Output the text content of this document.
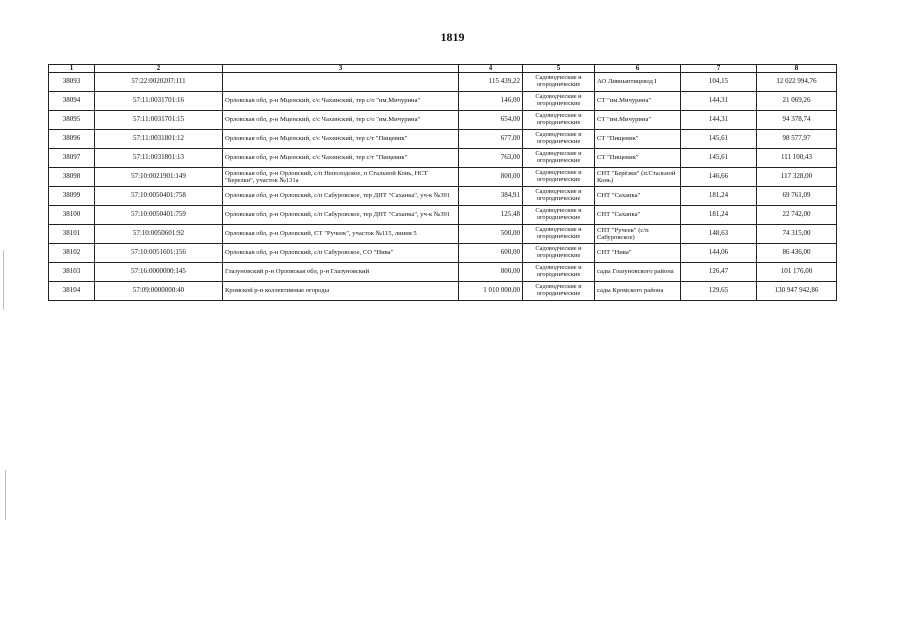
1819
1	2	3	4	5	6	7	8
38093	57:22:0020207:111		115 439,22	Садоводческие и огороднические	АО Ливнынтицевод I	104,15	12 022 994,76
38094	57:11:0031701:16	Орловская обл, р-н Мценский, с/с Чахинский, тер с/о "им.Мичурина"	146,00	Садоводческие и огороднические	СТ "им.Мичурина"	144,31	21 069,26
38095	57:11:0031701:15	Орловская обл, р-н Мценский, с/с Чахинский, тер с/о "им.Мичурина"	654,00	Садоводческие и огороднические	СТ "им.Мичурина"	144,31	94 378,74
38096	57:11:0031801:12	Орловская обл, р-н Мценский, с/с Чахинский, тер с/т "Пищевик"	677,00	Садоводческие и огороднические	СТ "Пищевик"	145,61	98 577,97
38097	57:11:0031801:13	Орловская обл, р-н Мценский, с/с Чахинский, тер с/т "Пищевик"	763,00	Садоводческие и огороднические	СТ "Пищевик"	145,61	111 100,43
38098	57:10:0021901:149	Орловская обл, р-н Орловский, с/п Неполодское, п Стальной Конь, НСТ "Березки", участок №131а	800,00	Садоводческие и огороднические	СНТ "Берёзки" (п.Стальной Конь)	146,66	117 328,00
38099	57:10:0050401:758	Орловская обл, р-н Орловский, с/п Сабуровское, тер ДНТ "Саханка", уч-к №391	384,91	Садоводческие и огороднические	СНТ "Саханка"	181,24	69 761,09
38100	57:10:0050401:759	Орловская обл, р-н Орловский, с/п Сабуровское, тер ДНТ "Саханка", уч-к №391	125,48	Садоводческие и огороднические	СНТ "Саханка"	181,24	22 742,00
38101	57:10:0050601:92	Орловская обл, р-н Орловский, СТ "Ручеек", участок №115, линия 5	500,00	Садоводческие и огороднические	СНТ "Ручеек" (с/п Сабуровское)	148,63	74 315,00
38102	57:10:0051601:156	Орловская обл, р-н Орловский, с/п Сабуровское, СО "Нива"	600,00	Садоводческие и огороднические	СНТ "Нива"	144,06	86 436,00
38103	57:16:0000000:145	Глазуновский р-н Орловская обл, р-н Глазуновский	800,00	Садоводческие и огороднические	сады Глазуновского района	126,47	101 176,00
38104	57:09:0000000:40	Кромской р-н коллективные огороды	1 010 000,00	Садоводческие и огороднические	сады Кромского района	129,65	130 947 942,86
